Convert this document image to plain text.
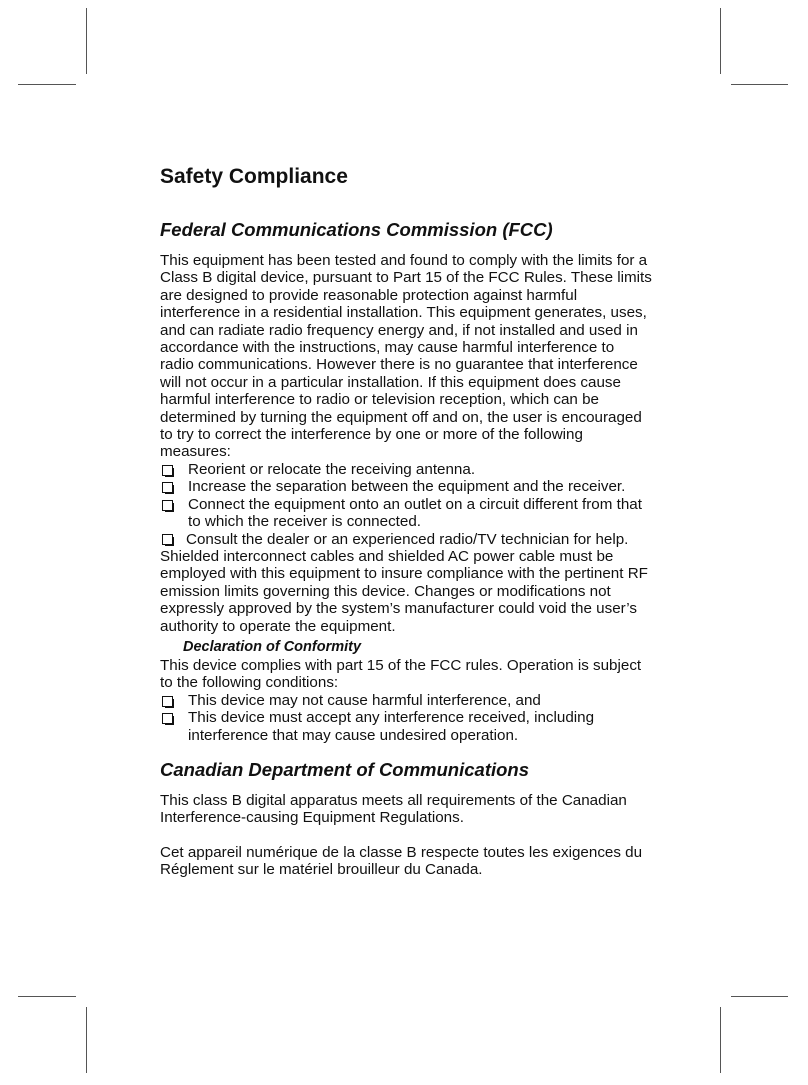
Safety Compliance
Federal Communications Commission (FCC)

This equipment has been tested and found to comply with the limits for a Class B digital device, pursuant to Part 15 of the FCC Rules. These limits are designed to provide reasonable protection against harmful interference in a residential installation. This equipment generates, uses, and can radiate radio frequency energy and, if not installed and used in accordance with the instructions, may cause harmful interference to radio communications. However there is no guarantee that interference will not occur in a particular installation. If this equipment does cause harmful interference to radio or television reception, which can be determined by turning the equipment off and on, the user is encouraged to try to correct the interference by one or more of the following measures:

Reorient or relocate the receiving antenna.
Increase the separation between the equipment and the receiver.
Connect the equipment onto an outlet on a circuit different from that to which the receiver is connected.

Consult the dealer or an experienced radio/TV technician for help.

Shielded interconnect cables and shielded AC power cable must be employed with this equipment to insure compliance with the pertinent RF emission limits governing this device. Changes or modifications not expressly approved by the system’s manufacturer could void the user’s authority to operate the equipment.

Declaration of Conformity

This device complies with part 15 of the FCC rules. Operation is subject to the following conditions:

This device may not cause harmful interference, and
This device must accept any interference received, including interference that may cause undesired operation.
Canadian Department of Communications

This class B digital apparatus meets all requirements of the Canadian Interference-causing Equipment Regulations.

Cet appareil numérique de la classe B respecte toutes les exigences du Réglement sur le matériel brouilleur du Canada.
